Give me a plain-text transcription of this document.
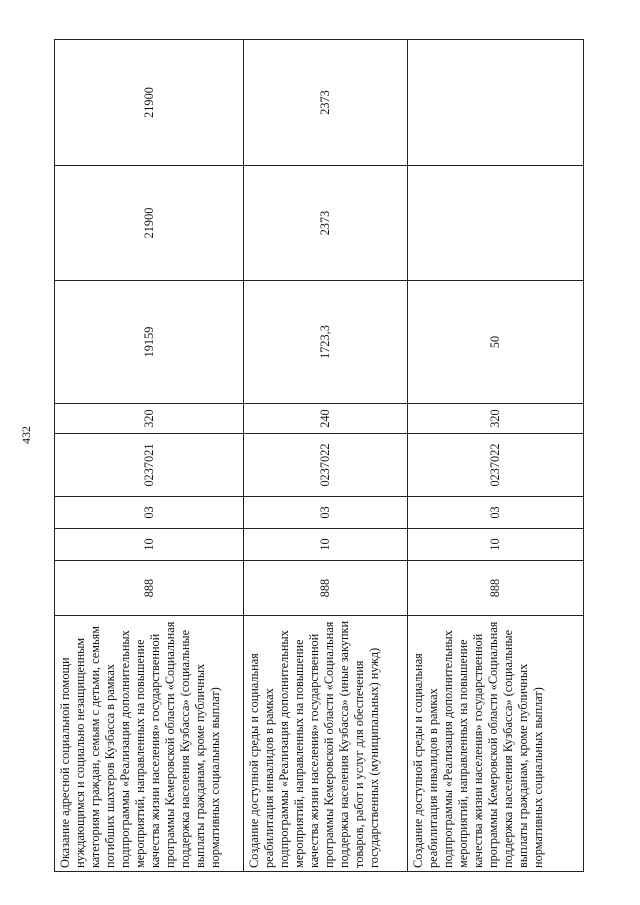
432
Оказание адресной социальной помощи нуждающимся и социально незащищенным категориям граждан, семьям с детьми, семьям погибших шахтеров Кузбасса в рамках подпрограммы «Реализация дополнительных мероприятий, направленных на повышение качества жизни населения» государственной программы Кемеровской области «Социальная поддержка населения Кузбасса» (социальные выплаты гражданам, кроме публичных нормативных социальных выплат)	888	10	03	0237021	320	19159	21900	21900
Создание доступной среды и социальная реабилитация инвалидов в рамках подпрограммы «Реализация дополнительных мероприятий, направленных на повышение качества жизни населения» государственной программы Кемеровской области «Социальная поддержка населения Кузбасса» (иные закупки товаров, работ и услуг для обеспечения государственных (муниципальных) нужд)	888	10	03	0237022	240	1723,3	2373	2373
Создание доступной среды и социальная реабилитация инвалидов в рамках подпрограммы «Реализация дополнительных мероприятий, направленных на повышение качества жизни населения» государственной программы Кемеровской области «Социальная поддержка населения Кузбасса» (социальные выплаты гражданам, кроме публичных нормативных социальных выплат)	888	10	03	0237022	320	50		
